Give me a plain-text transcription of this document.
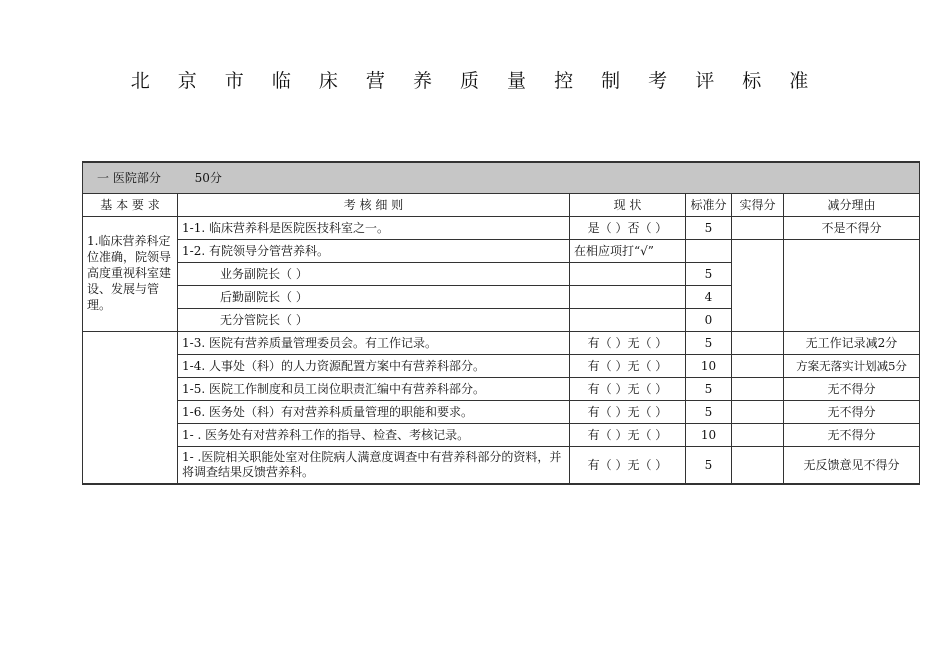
北 京 市 临 床 营 养 质 量 控 制 考 评 标 准
一 医院部分 50分					
基 本 要 求	考 核 细 则	现 状	标准分	实得分	减分理由
1.临床营养科定位准确，院领导高度重视科室建设、发展与管理。	1-1. 临床营养科是医院医技科室之一。	是（ ）否（ ）	5		不是不得分
	1-2. 有院领导分管营养科。	在相应项打“√”			
	业务副院长（ ）		5		
	后勤副院长（ ）		4		
	无分管院长（ ）		0		
	1-3. 医院有营养质量管理委员会。有工作记录。	有（ ）无（ ）	5		无工作记录减2分
	1-4. 人事处（科）的人力资源配置方案中有营养科部分。	有（ ）无（ ）	10		方案无落实计划减5分
	1-5. 医院工作制度和员工岗位职责汇编中有营养科部分。	有（ ）无（ ）	5		无不得分
	1-6. 医务处（科）有对营养科质量管理的职能和要求。	有（ ）无（ ）	5		无不得分
	1- . 医务处有对营养科工作的指导、检查、考核记录。	有（ ）无（ ）	10		无不得分
	1- .医院相关职能处室对住院病人满意度调查中有营养科部分的资料，并将调查结果反馈营养科。	有（ ）无（ ）	5		无反馈意见不得分
